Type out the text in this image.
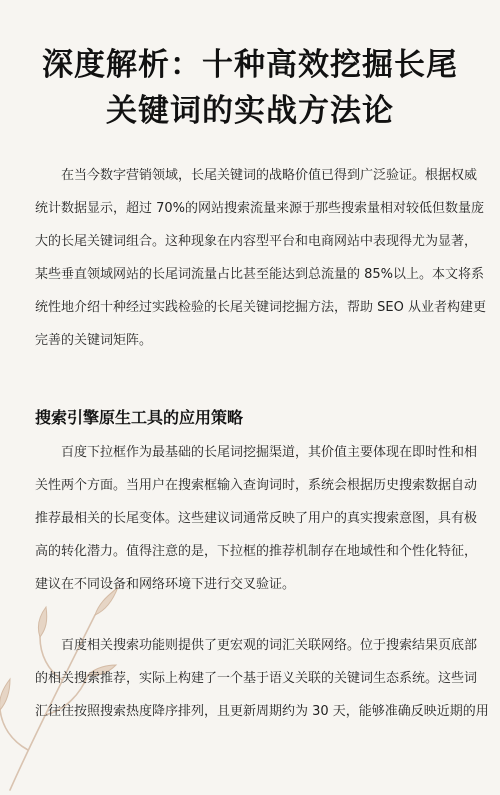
深度解析：十种高效挖掘长尾
关键词的实战方法论
在当今数字营销领域，长尾关键词的战略价值已得到广泛验证。根据权威
统计数据显示，超过 70%的网站搜索流量来源于那些搜索量相对较低但数量庞
大的长尾关键词组合。这种现象在内容型平台和电商网站中表现得尤为显著，
某些垂直领域网站的长尾词流量占比甚至能达到总流量的 85%以上。本文将系
统性地介绍十种经过实践检验的长尾关键词挖掘方法，帮助 SEO 从业者构建更
完善的关键词矩阵。
搜索引擎原生工具的应用策略
百度下拉框作为最基础的长尾词挖掘渠道，其价值主要体现在即时性和相
关性两个方面。当用户在搜索框输入查询词时，系统会根据历史搜索数据自动
推荐最相关的长尾变体。这些建议词通常反映了用户的真实搜索意图，具有极
高的转化潜力。值得注意的是，下拉框的推荐机制存在地域性和个性化特征，
建议在不同设备和网络环境下进行交叉验证。
百度相关搜索功能则提供了更宏观的词汇关联网络。位于搜索结果页底部
的相关搜索推荐，实际上构建了一个基于语义关联的关键词生态系统。这些词
汇往往按照搜索热度降序排列，且更新周期约为 30 天，能够准确反映近期的用
